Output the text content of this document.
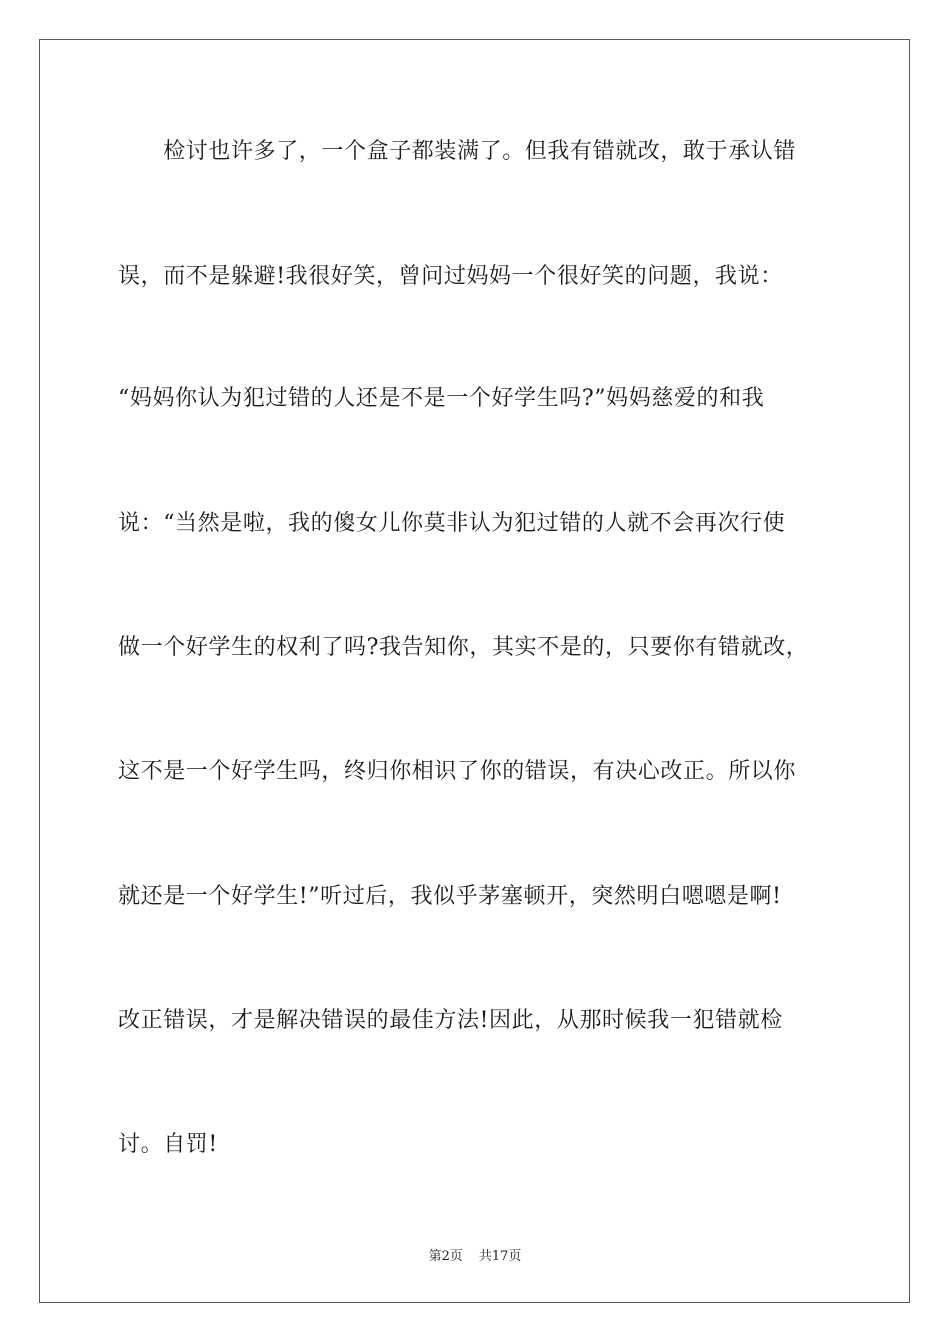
　　检讨也许多了，一个盒子都装满了。但我有错就改，敢于承认错
误，而不是躲避!我很好笑，曾问过妈妈一个很好笑的问题，我说：
“妈妈你认为犯过错的人还是不是一个好学生吗?”妈妈慈爱的和我
说：“当然是啦，我的傻女儿你莫非认为犯过错的人就不会再次行使
做一个好学生的权利了吗?我告知你，其实不是的，只要你有错就改，
这不是一个好学生吗，终归你相识了你的错误，有决心改正。所以你
就还是一个好学生!”听过后，我似乎茅塞顿开，突然明白嗯嗯是啊!
改正错误，才是解决错误的最佳方法!因此，从那时候我一犯错就检
讨。自罚!
第2页 共17页
